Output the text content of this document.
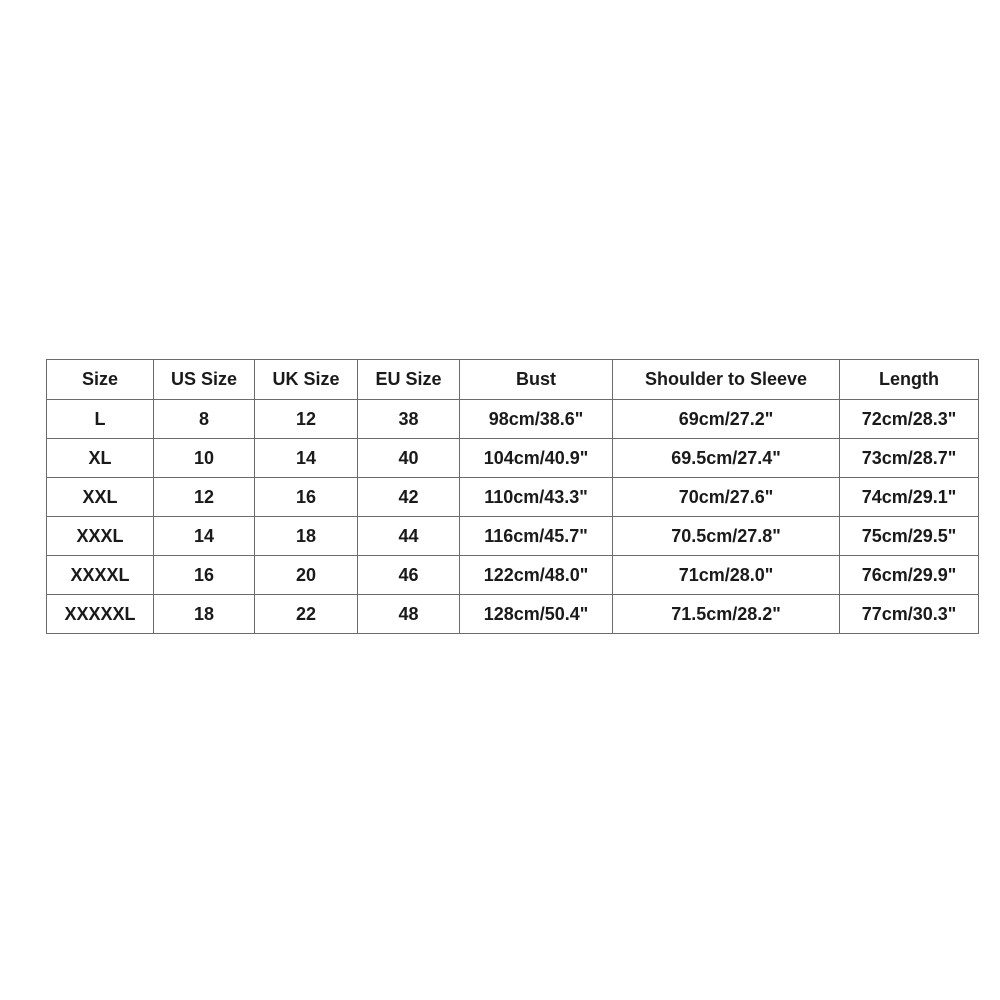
Size	US Size	UK Size	EU Size	Bust	Shoulder to Sleeve	Length
L	8	12	38	98cm/38.6"	69cm/27.2"	72cm/28.3"
XL	10	14	40	104cm/40.9"	69.5cm/27.4"	73cm/28.7"
XXL	12	16	42	110cm/43.3"	70cm/27.6"	74cm/29.1"
XXXL	14	18	44	116cm/45.7"	70.5cm/27.8"	75cm/29.5"
XXXXL	16	20	46	122cm/48.0"	71cm/28.0"	76cm/29.9"
XXXXXL	18	22	48	128cm/50.4"	71.5cm/28.2"	77cm/30.3"
